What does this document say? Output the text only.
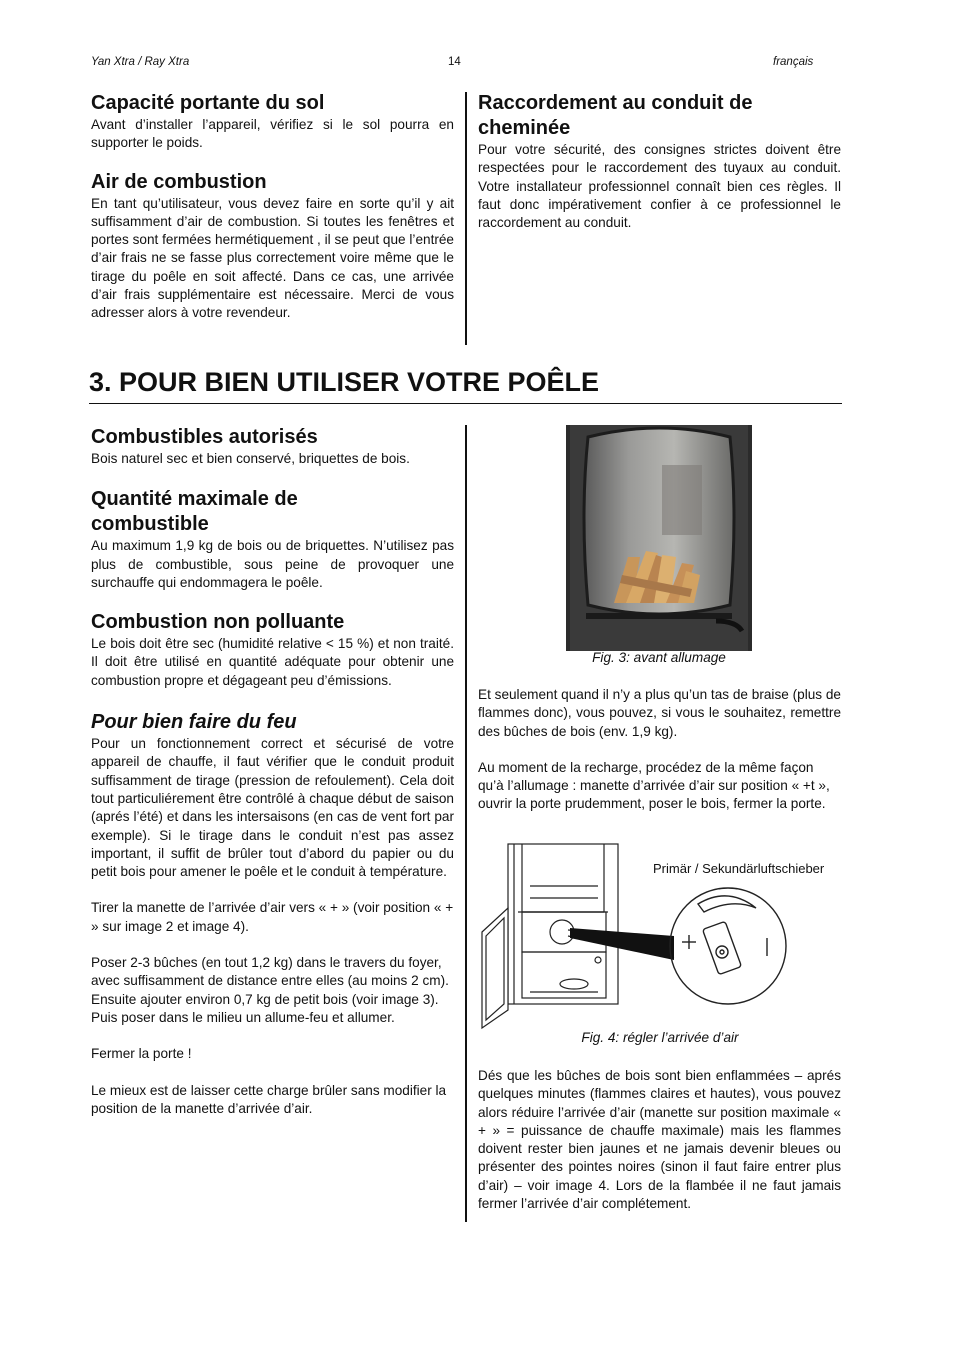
Yan Xtra / Ray Xtra	14	français
Capacité portante du sol

Avant d’installer l’appareil, vérifiez si le sol pourra en supporter le poids.

Air de combustion

En tant qu’utilisateur, vous devez faire en sorte qu’il y ait suffisamment d’air de combustion. Si toutes les fenêtres et portes sont fermées hermétiquement , il se peut que l’entrée d’air frais ne se fasse plus correctement voire même que le tirage du poêle en soit affecté. Dans ce cas, une arrivée d’air frais supplémentaire est nécessaire. Merci de vous adresser alors à votre revendeur.

Raccordement au conduit de
cheminée

Pour votre sécurité, des consignes strictes doivent être respectées pour le raccordement des tuyaux au conduit. Votre installateur professionnel connaît bien ces règles. Il faut donc impérativement confier à ce professionnel le raccordement au conduit.

3. POUR BIEN UTILISER VOTRE POÊLE
Combustibles autorisés

Bois naturel sec et bien conservé, briquettes de bois.

Quantité maximale de
combustible

Au maximum 1,9 kg de bois ou de briquettes. N’utilisez pas plus de combustible, sous peine de provoquer une surchauffe qui endommagera le poêle.

Combustion non polluante

Le bois doit être sec (humidité relative < 15 %) et non traité. Il doit être utilisé en quantité adéquate pour obtenir une combustion propre et dégageant peu d’émissions.

Pour bien faire du feu

Pour un fonctionnement correct et sécurisé de votre appareil de chauffe, il faut vérifier que le conduit produit suffisamment de tirage (pression de refoulement). Cela doit tout particuliérement être contrôlé à chaque début de saison (aprés l’été) et dans les intersaisons (en cas de vent fort par exemple). Si le tirage dans le conduit n’est pas assez important, il suffit de brûler tout d’abord du papier ou du petit bois pour amener le poêle et le conduit à température.

Tirer la manette de l’arrivée d’air vers « + » (voir position « + » sur image 2 et image 4).

Poser 2-3 bûches (en tout 1,2 kg) dans le travers du foyer, avec suffisamment de distance entre elles (au moins 2 cm). Ensuite ajouter environ 0,7 kg de petit bois (voir image 3). Puis poser dans le milieu un allume-feu et allumer.

Fermer la porte !

Le mieux est de laisser cette charge brûler sans modifier la position de la manette d’arrivée d’air.

Fig. 3: avant allumage

Et seulement quand il n’y a plus qu’un tas de braise (plus de flammes donc), vous pouvez, si vous le souhaitez, remettre des bûches de bois (env. 1,9 kg).

Au moment de la recharge, procédez de la même façon qu’à l’allumage : manette d’arrivée d’air sur position « +t », ouvrir la porte prudemment, poser le bois, fermer la porte.

Primär / Sekundärluftschieber
Fig. 4: régler l’arrivée d’air

Dés que les bûches de bois sont bien enflammées – aprés quelques minutes (flammes claires et hautes), vous pouvez alors réduire l’arrivée d’air (manette sur position maximale « + » = puissance de chauffe maximale) mais les flammes doivent rester bien jaunes et ne jamais devenir bleues ou présenter des pointes noires (sinon il faut faire entrer plus d’air) – voir image 4. Lors de la flambée il ne faut jamais fermer l’arrivée d’air complétement.
